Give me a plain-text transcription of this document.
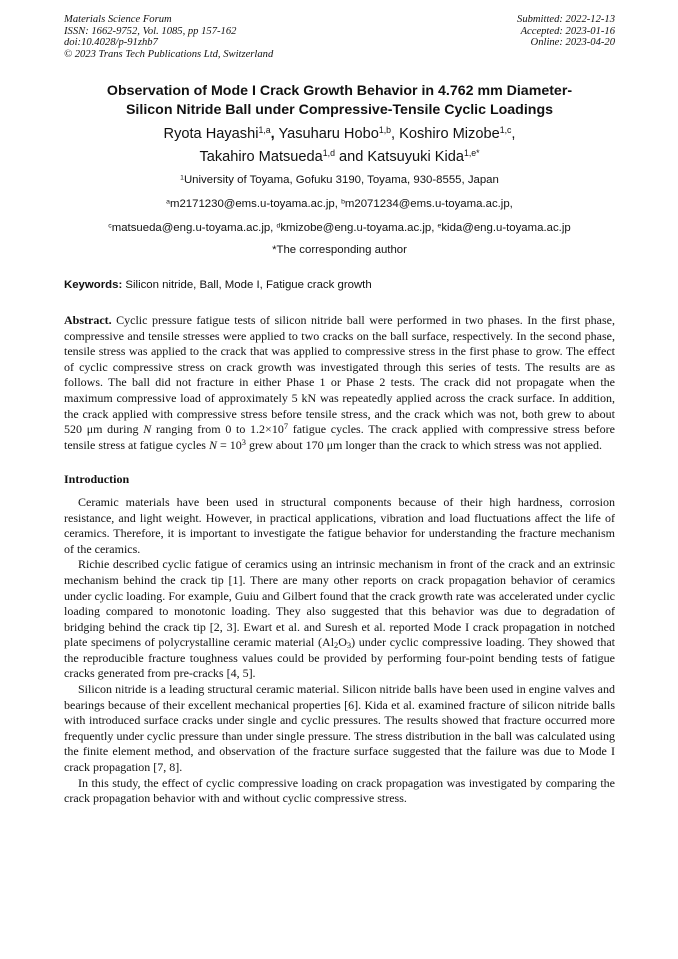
Materials Science Forum
ISSN: 1662-9752, Vol. 1085, pp 157-162
doi:10.4028/p-91zhb7
© 2023 Trans Tech Publications Ltd, Switzerland
Submitted: 2022-12-13
Accepted: 2023-01-16
Online: 2023-04-20
Observation of Mode I Crack Growth Behavior in 4.762 mm Diameter-
Silicon Nitride Ball under Compressive-Tensile Cyclic Loadings
Ryota Hayashi$^{1,a}$, Yasuharu Hobo$^{1,b}$, Koshiro Mizobe$^{1,c}$,
Takahiro Matsueda$^{1,d}$ and Katsuyuki Kida$^{1,e*}$
$^1$University of Toyama, Gofuku 3190, Toyama, 930-8555, Japan
$^a$m2171230@ems.u-toyama.ac.jp, $^b$m2071234@ems.u-toyama.ac.jp,
$^c$matsueda@eng.u-toyama.ac.jp, $^d$kmizobe@eng.u-toyama.ac.jp, $^e$kida@eng.u-toyama.ac.jp
*The corresponding author
Keywords: Silicon nitride, Ball, Mode I, Fatigue crack growth
Abstract. Cyclic pressure fatigue tests of silicon nitride ball were performed in two phases. In the first phase, compressive and tensile stresses were applied to two cracks on the ball surface, respectively. In the second phase, tensile stress was applied to the crack that was applied to compressive stress in the first phase to grow. The effect of cyclic compressive stress on crack growth was investigated through this series of tests. The results are as follows. The ball did not fracture in either Phase 1 or Phase 2 tests. The crack did not propagate when the maximum compressive load of approximately 5 kN was repeatedly applied across the crack surface. In addition, the crack applied with compressive stress before tensile stress, and the crack which was not, both grew to about 520 μm during N ranging from 0 to $1.2\times 10^7$ fatigue cycles. The crack applied with compressive stress before tensile stress at fatigue cycles $N = 10^3$ grew about 170 μm longer than the crack to which stress was not applied.
Introduction

Ceramic materials have been used in structural components because of their high hardness, corrosion resistance, and light weight. However, in practical applications, vibration and load fluctuations affect the life of ceramics. Therefore, it is important to investigate the fatigue behavior for understanding the fracture mechanism of the ceramics.

Richie described cyclic fatigue of ceramics using an intrinsic mechanism in front of the crack and an extrinsic mechanism behind the crack tip [1]. There are many other reports on crack propagation behavior of ceramics under cyclic loading. For example, Guiu and Gilbert found that the crack growth rate was accelerated under cyclic loading compared to monotonic loading. They also suggested that this behavior was due to degradation of bridging behind the crack tip [2, 3]. Ewart et al. and Suresh et al. reported Mode I crack propagation in notched plate specimens of polycrystalline ceramic material $(Al_2O_3)$ under cyclic compressive loading. They showed that the reproducible fracture toughness values could be provided by performing four-point bending tests of fatigue cracks generated from pre-cracks [4, 5].

Silicon nitride is a leading structural ceramic material. Silicon nitride balls have been used in engine valves and bearings because of their excellent mechanical properties [6]. Kida et al. examined fracture of silicon nitride balls with introduced surface cracks under single and cyclic pressures. The results showed that fracture occurred more frequently under cyclic pressure than under single pressure. The stress distribution in the ball was calculated using the finite element method, and observation of the fracture surface suggested that the failure was due to Mode I crack propagation [7, 8].

In this study, the effect of cyclic compressive loading on crack propagation was investigated by comparing the crack propagation behavior with and without cyclic compressive stress.
